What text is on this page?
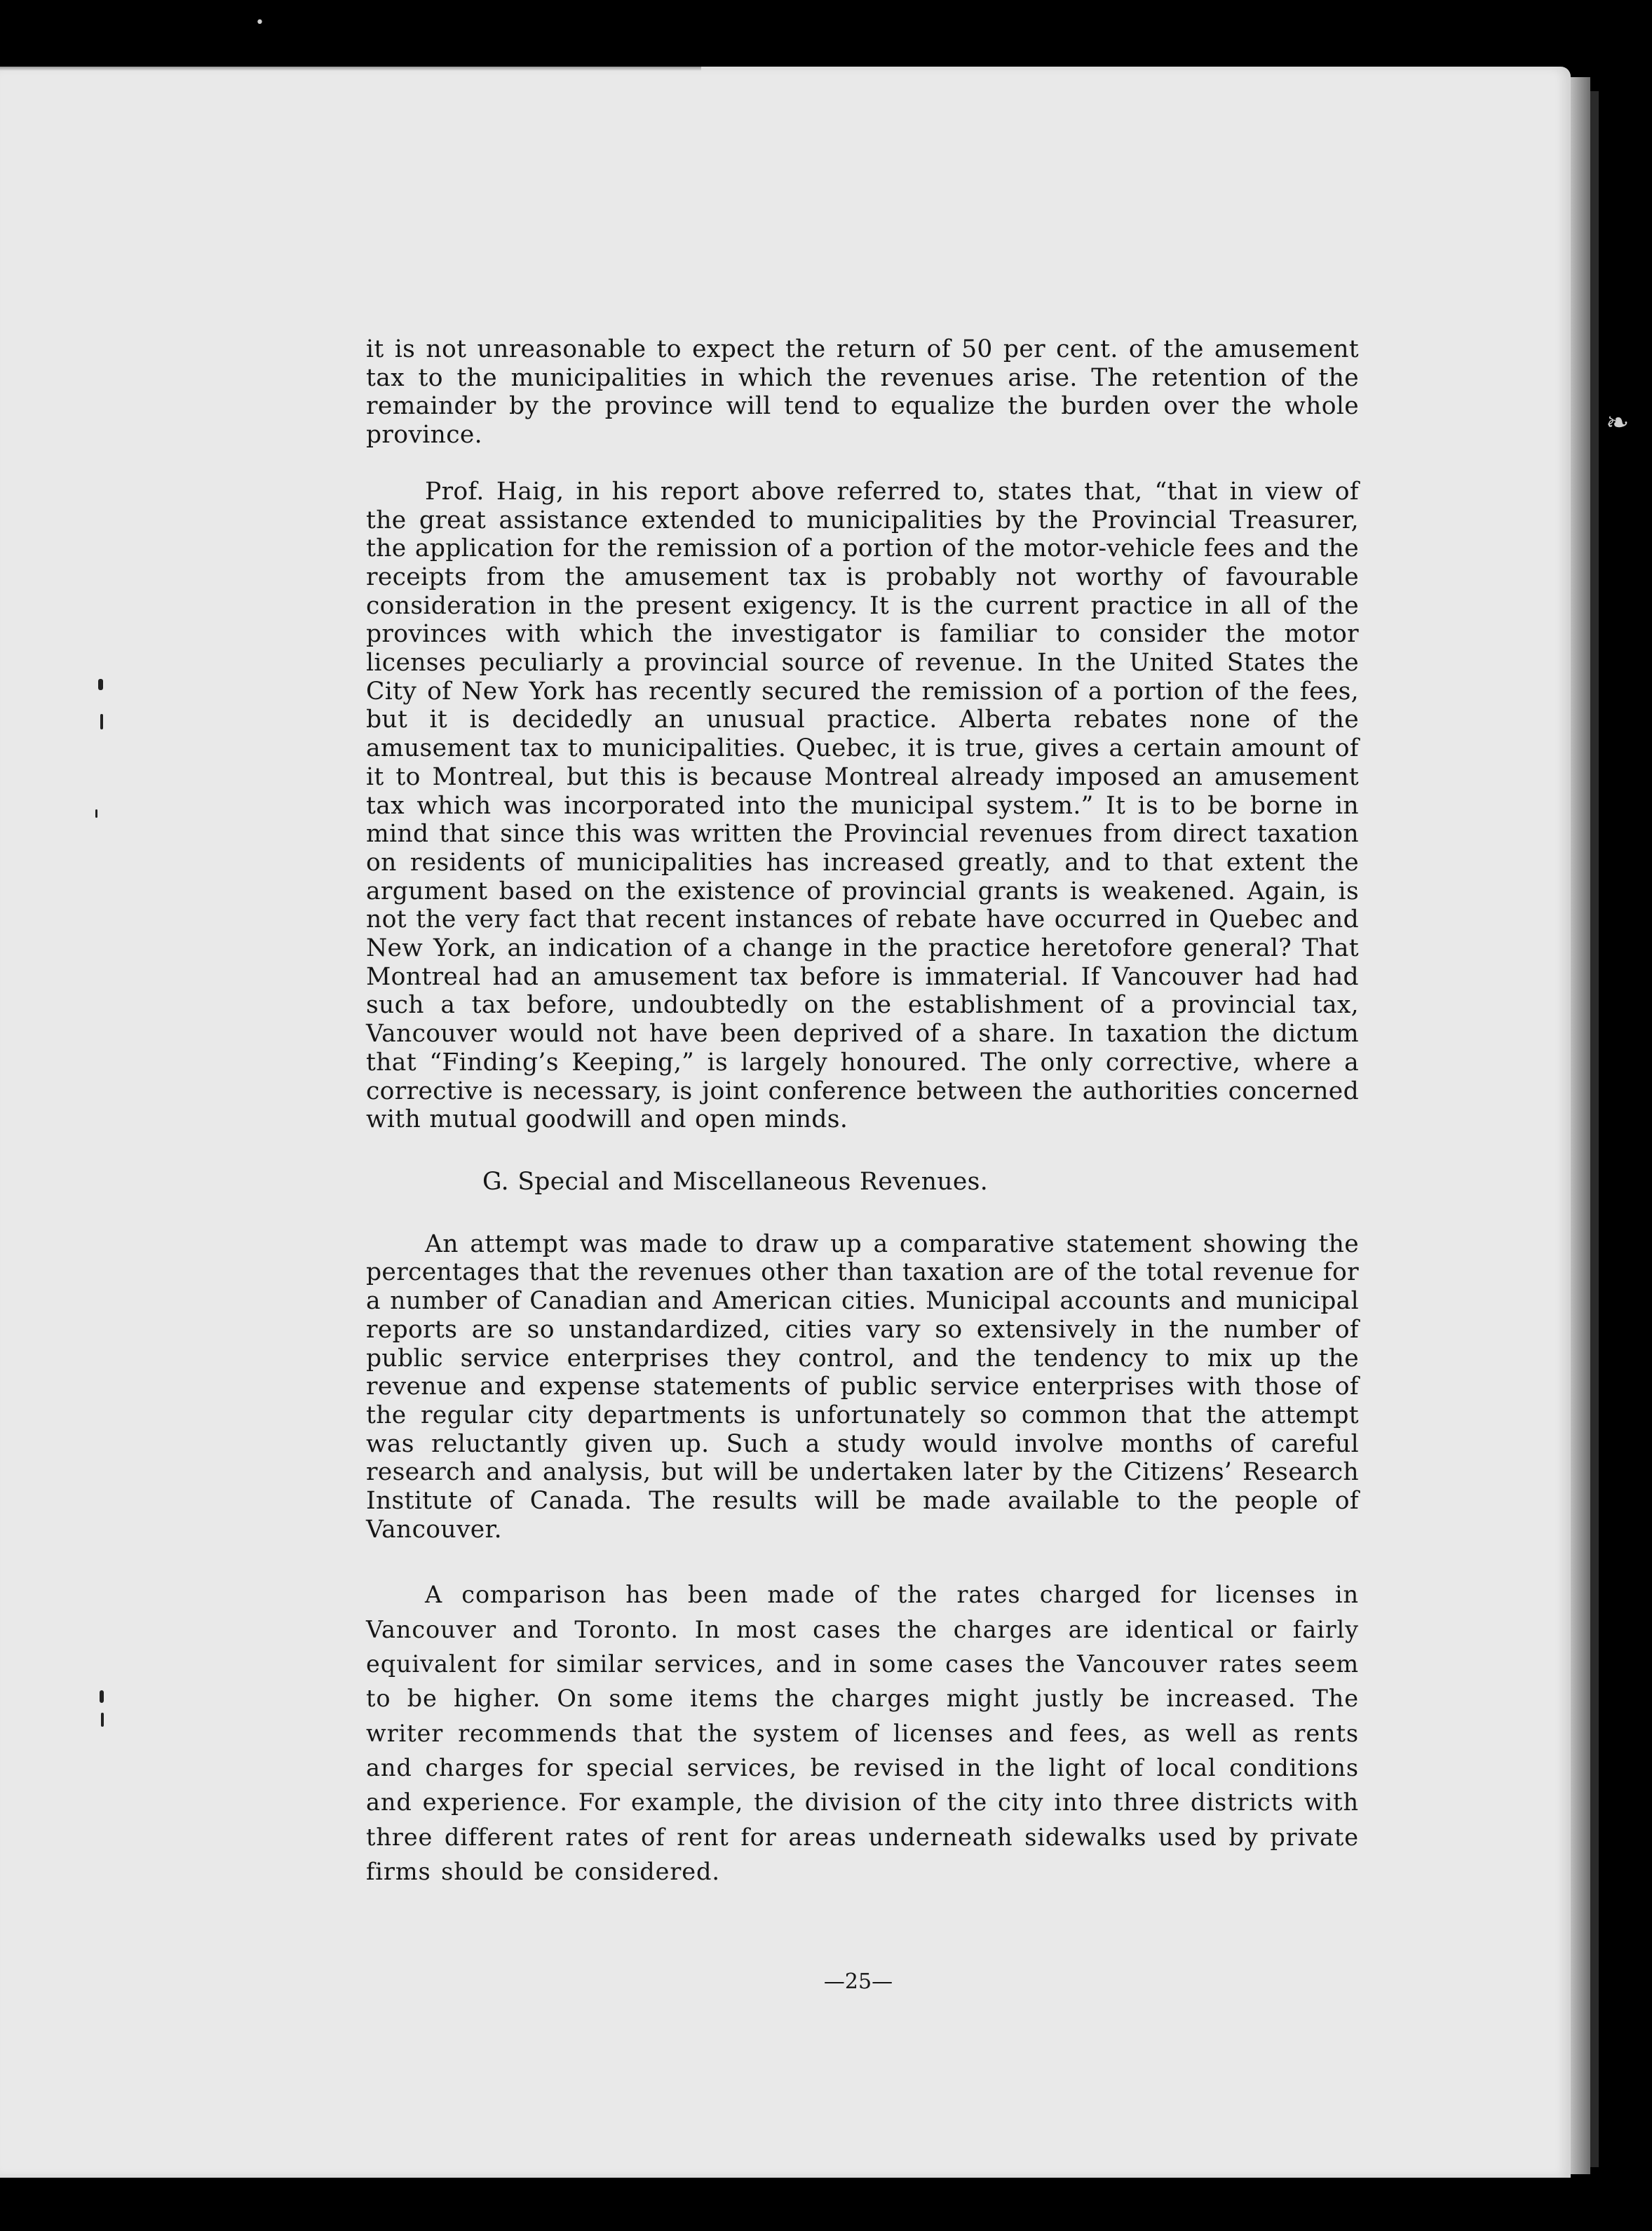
❧
•

it is not unreasonable to expect the return of 50 per cent. of the amusement tax to the municipalities in which the revenues arise. The retention of the remainder by the province will tend to equalize the burden over the whole province.

Prof. Haig, in his report above referred to, states that, “that in view of the great assistance extended to municipalities by the Provincial Treasurer, the application for the remission of a portion of the motor-vehicle fees and the receipts from the amusement tax is probably not worthy of favourable consideration in the present exigency. It is the current practice in all of the provinces with which the investigator is familiar to consider the motor licenses peculiarly a provincial source of revenue. In the United States the City of New York has recently secured the remission of a portion of the fees, but it is decidedly an unusual practice. Alberta rebates none of the amusement tax to municipalities. Quebec, it is true, gives a certain amount of it to Montreal, but this is because Montreal already imposed an amusement tax which was incorporated into the municipal system.” It is to be borne in mind that since this was written the Provincial revenues from direct taxation on residents of municipalities has increased greatly, and to that extent the argument based on the existence of provincial grants is weakened. Again, is not the very fact that recent instances of rebate have occurred in Quebec and New York, an indication of a change in the practice heretofore general? That Montreal had an amusement tax before is immaterial. If Vancouver had had such a tax before, undoubtedly on the establishment of a provincial tax, Vancouver would not have been deprived of a share. In taxation the dictum that “Finding’s Keeping,” is largely honoured. The only corrective, where a corrective is necessary, is joint conference between the authorities concerned with mutual goodwill and open minds.

G. Special and Miscellaneous Revenues.

An attempt was made to draw up a comparative statement showing the percentages that the revenues other than taxation are of the total revenue for a number of Canadian and American cities. Municipal accounts and municipal reports are so unstandardized, cities vary so extensively in the number of public service enterprises they control, and the tendency to mix up the revenue and expense statements of public service enterprises with those of the regular city departments is unfortunately so common that the attempt was reluctantly given up. Such a study would involve months of careful research and analysis, but will be undertaken later by the Citizens’ Research Institute of Canada. The results will be made available to the people of Vancouver.

A comparison has been made of the rates charged for licenses in Vancouver and Toronto. In most cases the charges are identical or fairly equivalent for similar services, and in some cases the Vancouver rates seem to be higher. On some items the charges might justly be increased. The writer recommends that the system of licenses and fees, as well as rents and charges for special services, be revised in the light of local conditions and experience. For example, the division of the city into three districts with three different rates of rent for areas underneath sidewalks used by private firms should be considered.

—25—
